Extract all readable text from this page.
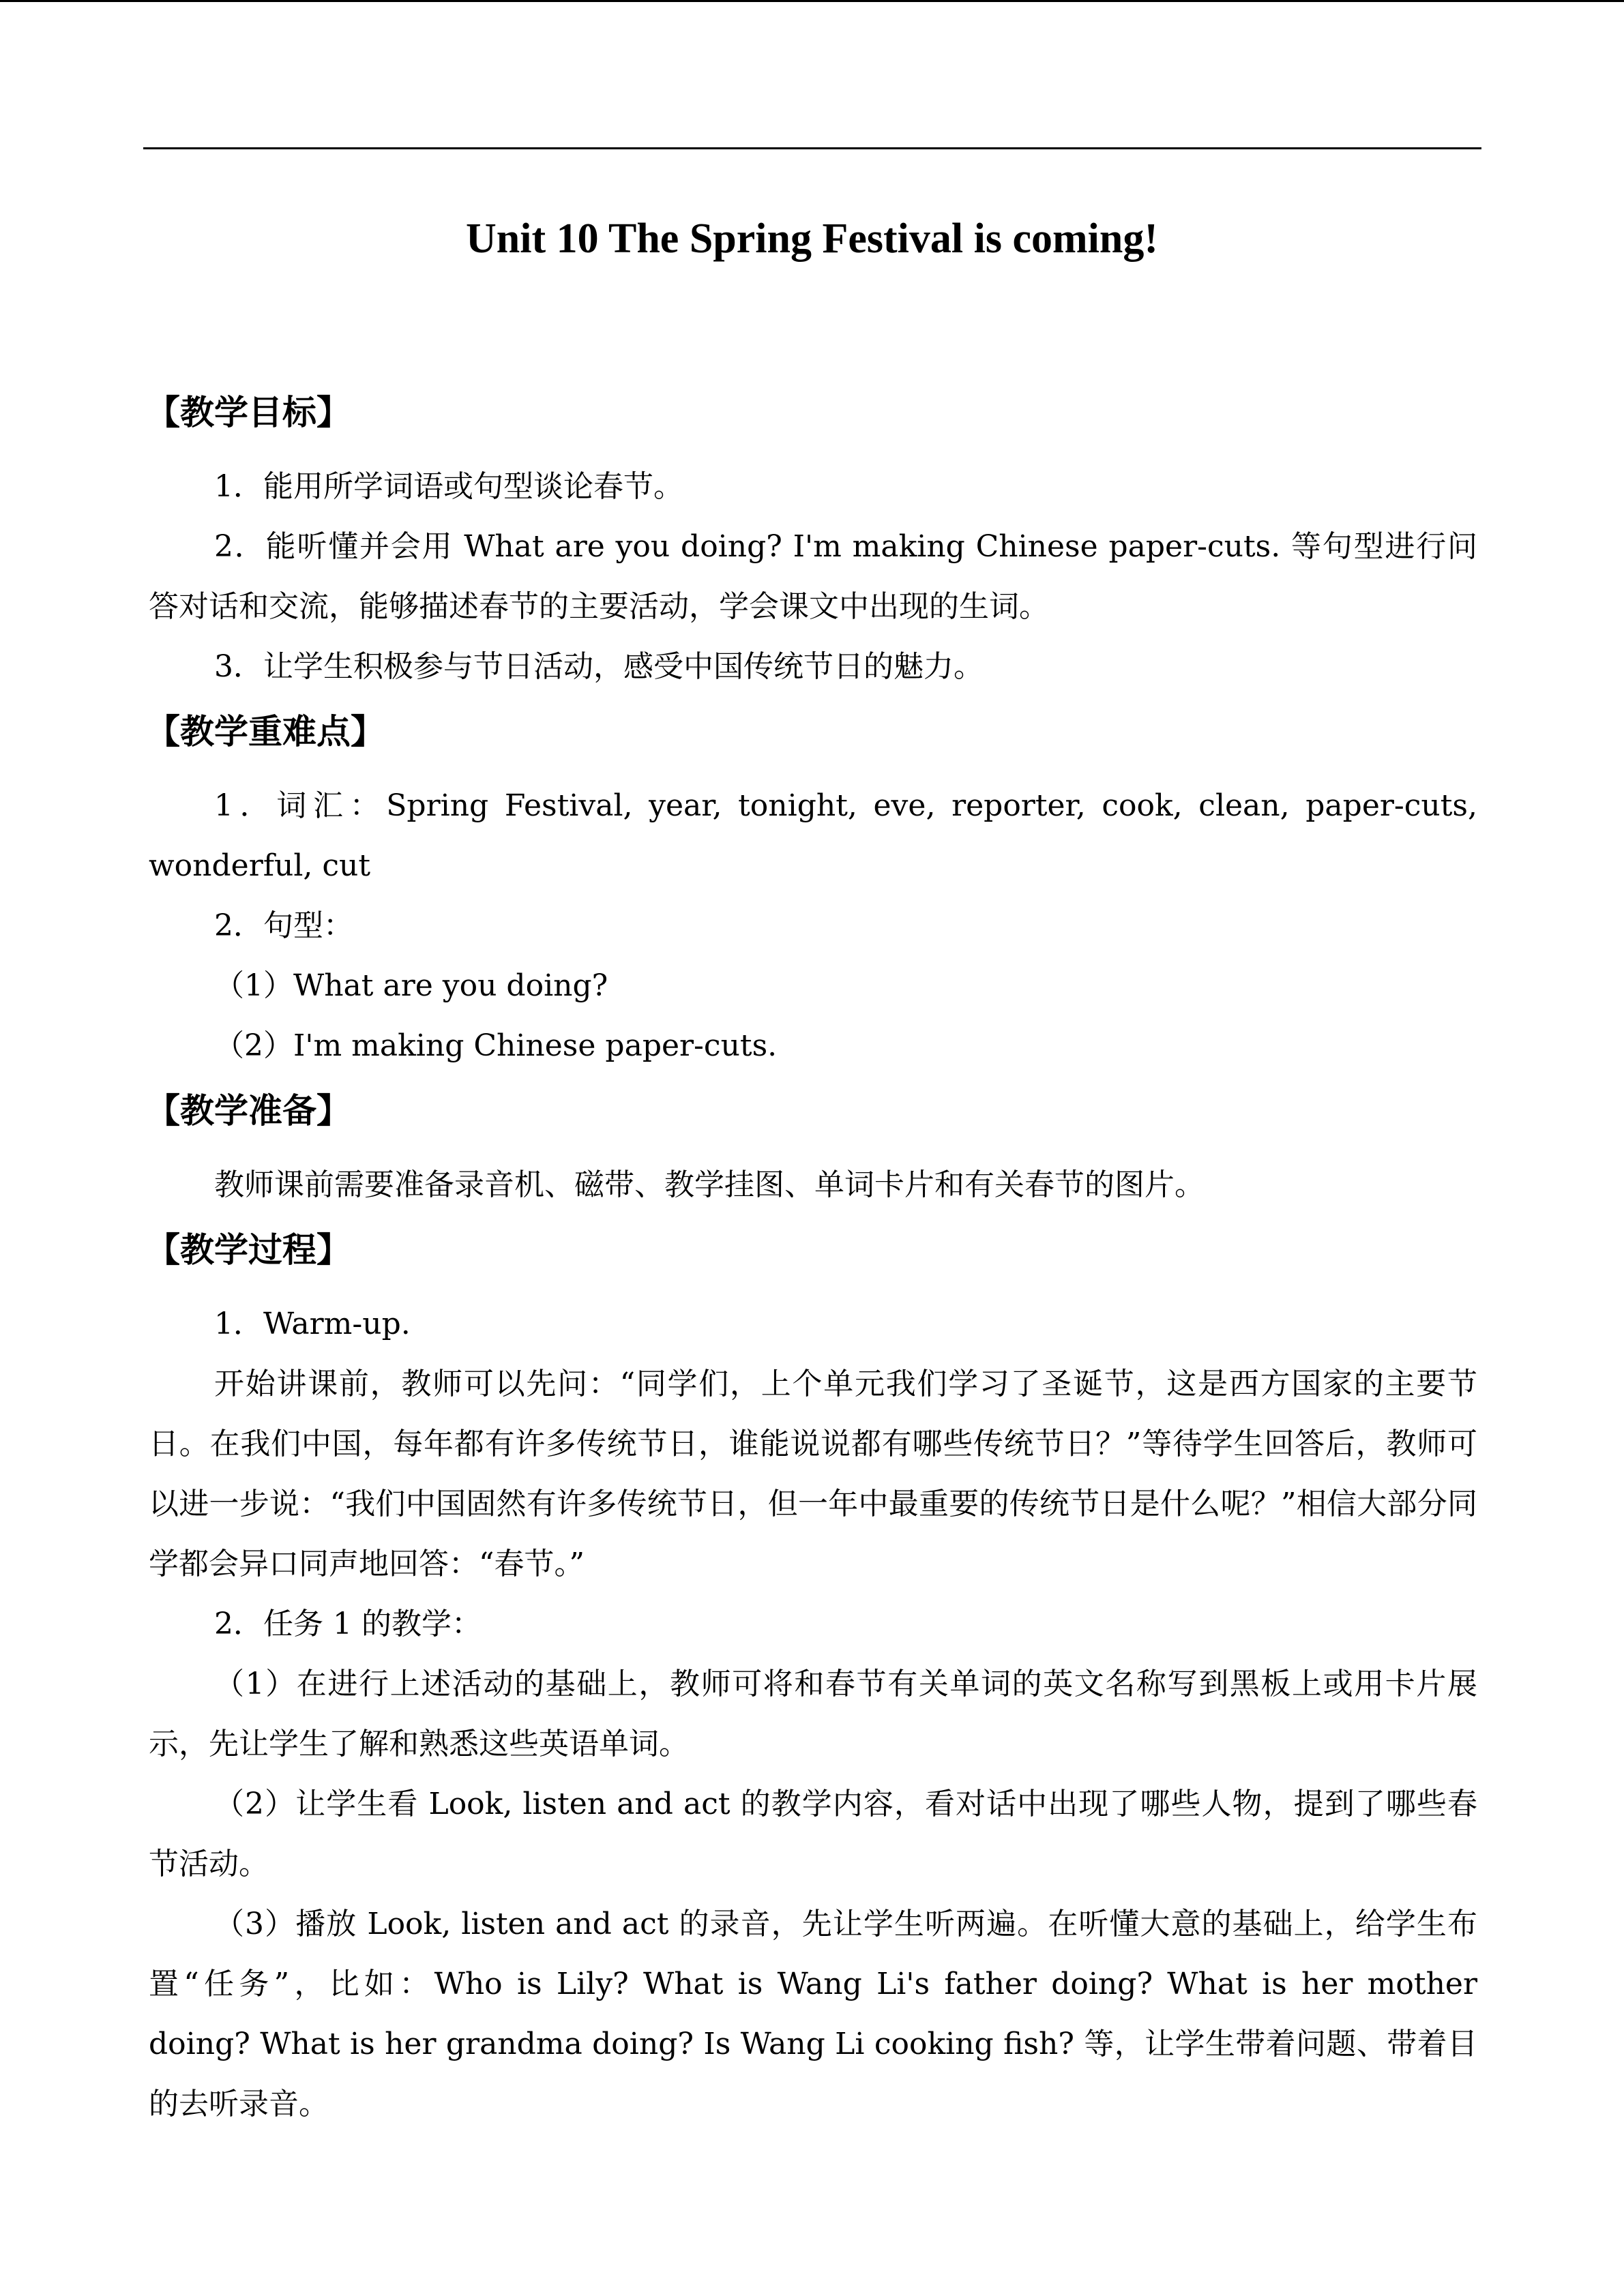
Unit 10 The Spring Festival is coming!
【教学目标】

1．能用所学词语或句型谈论春节。

2．能听懂并会用 What are you doing? I'm making Chinese paper-cuts. 等句型进行问答对话和交流，能够描述春节的主要活动，学会课文中出现的生词。

3．让学生积极参与节日活动，感受中国传统节日的魅力。

【教学重难点】

1．词汇：Spring Festival, year, tonight, eve, reporter, cook, clean, paper-cuts, wonderful, cut

2．句型：

（1）What are you doing?

（2）I'm making Chinese paper-cuts.

【教学准备】

教师课前需要准备录音机、磁带、教学挂图、单词卡片和有关春节的图片。

【教学过程】

1．Warm-up.

开始讲课前，教师可以先问：“同学们，上个单元我们学习了圣诞节，这是西方国家的主要节日。在我们中国，每年都有许多传统节日，谁能说说都有哪些传统节日？”等待学生回答后，教师可以进一步说：“我们中国固然有许多传统节日，但一年中最重要的传统节日是什么呢？”相信大部分同学都会异口同声地回答：“春节。”

2．任务 1 的教学：

（1）在进行上述活动的基础上，教师可将和春节有关单词的英文名称写到黑板上或用卡片展示，先让学生了解和熟悉这些英语单词。

（2）让学生看 Look, listen and act 的教学内容，看对话中出现了哪些人物，提到了哪些春节活动。

（3）播放 Look, listen and act 的录音，先让学生听两遍。在听懂大意的基础上，给学生布置“任务”，比如：Who is Lily? What is Wang Li's father doing? What is her mother doing? What is her grandma doing? Is Wang Li cooking fish? 等，让学生带着问题、带着目的去听录音。
